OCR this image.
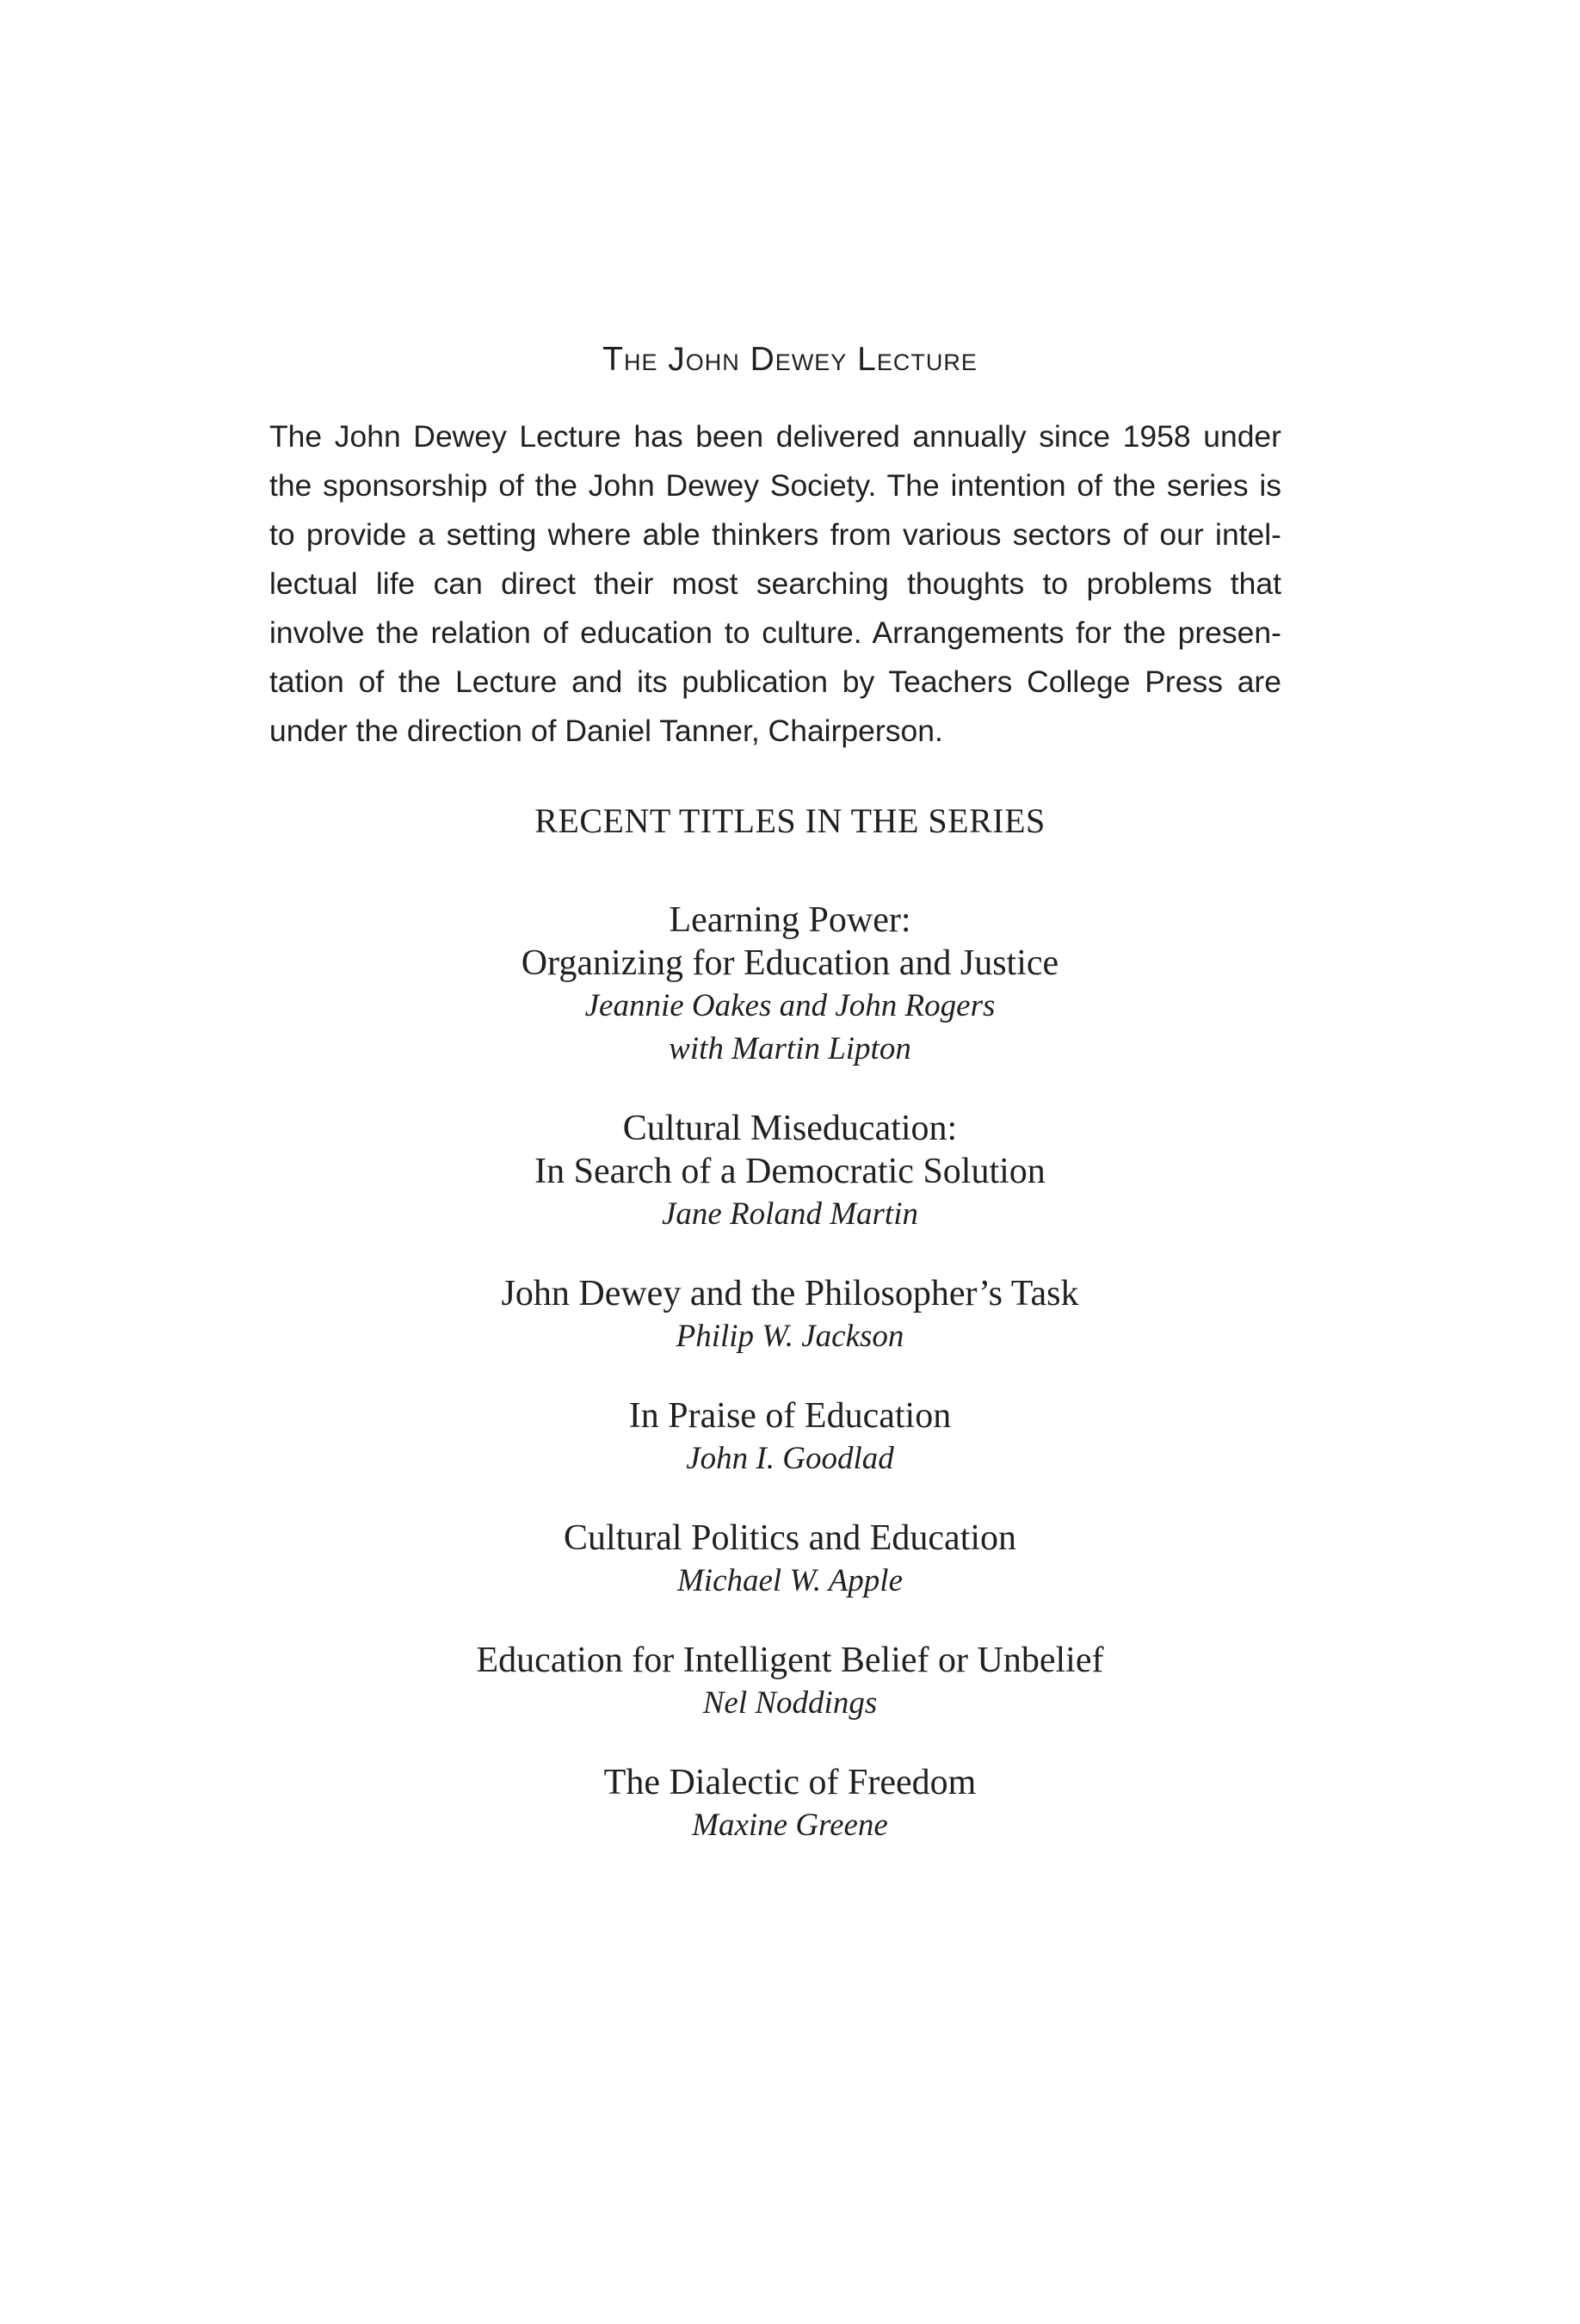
The John Dewey Lecture

The John Dewey Lecture has been delivered annually since 1958 under
the sponsorship of the John Dewey Society. The intention of the series is
to provide a setting where able thinkers from various sectors of our intel-
lectual life can direct their most searching thoughts to problems that
involve the relation of education to culture. Arrangements for the presen-
tation of the Lecture and its publication by Teachers College Press are
under the direction of Daniel Tanner, Chairperson.

RECENT TITLES IN THE SERIES
Learning Power:
Organizing for Education and Justice
Jeannie Oakes and John Rogers
with Martin Lipton
Cultural Miseducation:
In Search of a Democratic Solution
Jane Roland Martin
John Dewey and the Philosopher’s Task
Philip W. Jackson
In Praise of Education
John I. Goodlad
Cultural Politics and Education
Michael W. Apple
Education for Intelligent Belief or Unbelief
Nel Noddings
The Dialectic of Freedom
Maxine Greene
